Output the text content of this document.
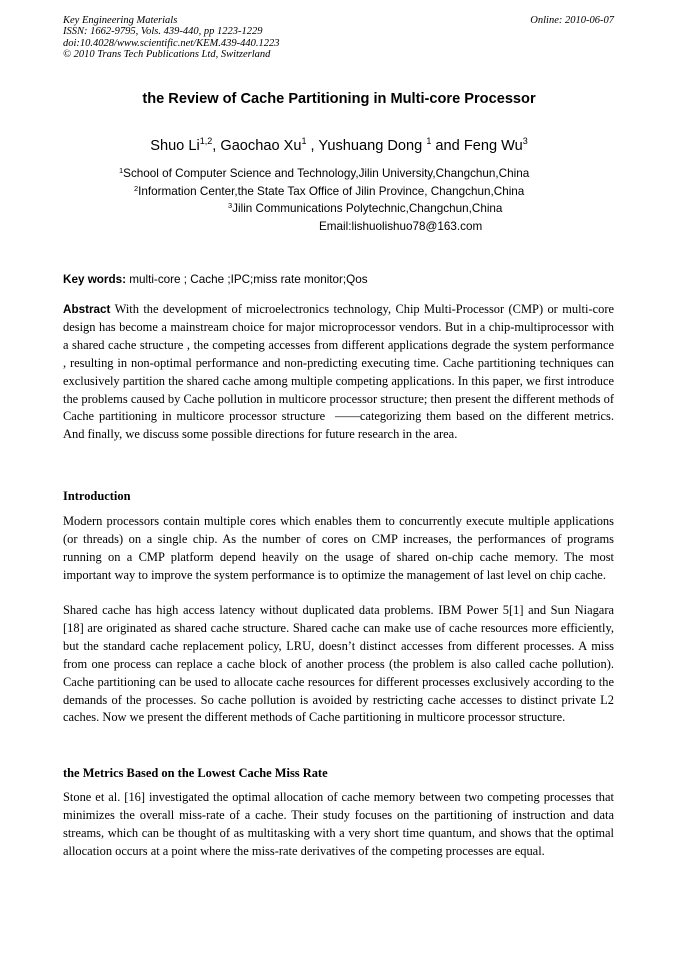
Key Engineering Materials
ISSN: 1662-9795, Vols. 439-440, pp 1223-1229
doi:10.4028/www.scientific.net/KEM.439-440.1223
© 2010 Trans Tech Publications Ltd, Switzerland
Online: 2010-06-07
the Review of Cache Partitioning in Multi-core Processor
Shuo Li$^{1,2}$, Gaochao Xu$^1$ , Yushuang Dong $^1$ and Feng Wu$^3$
$^1$School of Computer Science and Technology,Jilin University,Changchun,China
$^2$Information Center,the State Tax Office of Jilin Province, Changchun,China
$^3$Jilin Communications Polytechnic,Changchun,China
Email:lishuolishuo78@163.com
Key words: multi-core ; Cache ;IPC;miss rate monitor;Qos
Abstract With the development of microelectronics technology, Chip Multi-Processor (CMP) or multi-core design has become a mainstream choice for major microprocessor vendors. But in a chip-multiprocessor with a shared cache structure , the competing accesses from different applications degrade the system performance , resulting in non-optimal performance and non-predicting executing time. Cache partitioning techniques can exclusively partition the shared cache among multiple competing applications. In this paper, we first introduce the problems caused by Cache pollution in multicore processor structure; then present the different methods of Cache partitioning in multicore processor structure  ——categorizing them based on the different metrics. And finally, we discuss some possible directions for future research in the area.
Introduction

Modern processors contain multiple cores which enables them to concurrently execute multiple applications (or threads) on a single chip. As the number of cores on CMP increases, the performances of programs running on a CMP platform depend heavily on the usage of shared on-chip cache memory. The most important way to improve the system performance is to optimize the management of last level on chip cache.

Shared cache has high access latency without duplicated data problems. IBM Power 5[1] and Sun Niagara [18] are originated as shared cache structure. Shared cache can make use of cache resources more efficiently, but the standard cache replacement policy, LRU, doesn’t distinct accesses from different processes. A miss from one process can replace a cache block of another process (the problem is also called cache pollution). Cache partitioning can be used to allocate cache resources for different processes exclusively according to the demands of the processes. So cache pollution is avoided by restricting cache accesses to distinct private L2 caches. Now we present the different methods of Cache partitioning in multicore processor structure.

the Metrics Based on the Lowest Cache Miss Rate

Stone et al. [16] investigated the optimal allocation of cache memory between two competing processes that minimizes the overall miss-rate of a cache. Their study focuses on the partitioning of instruction and data streams, which can be thought of as multitasking with a very short time quantum, and shows that the optimal allocation occurs at a point where the miss-rate derivatives of the competing processes are equal.
